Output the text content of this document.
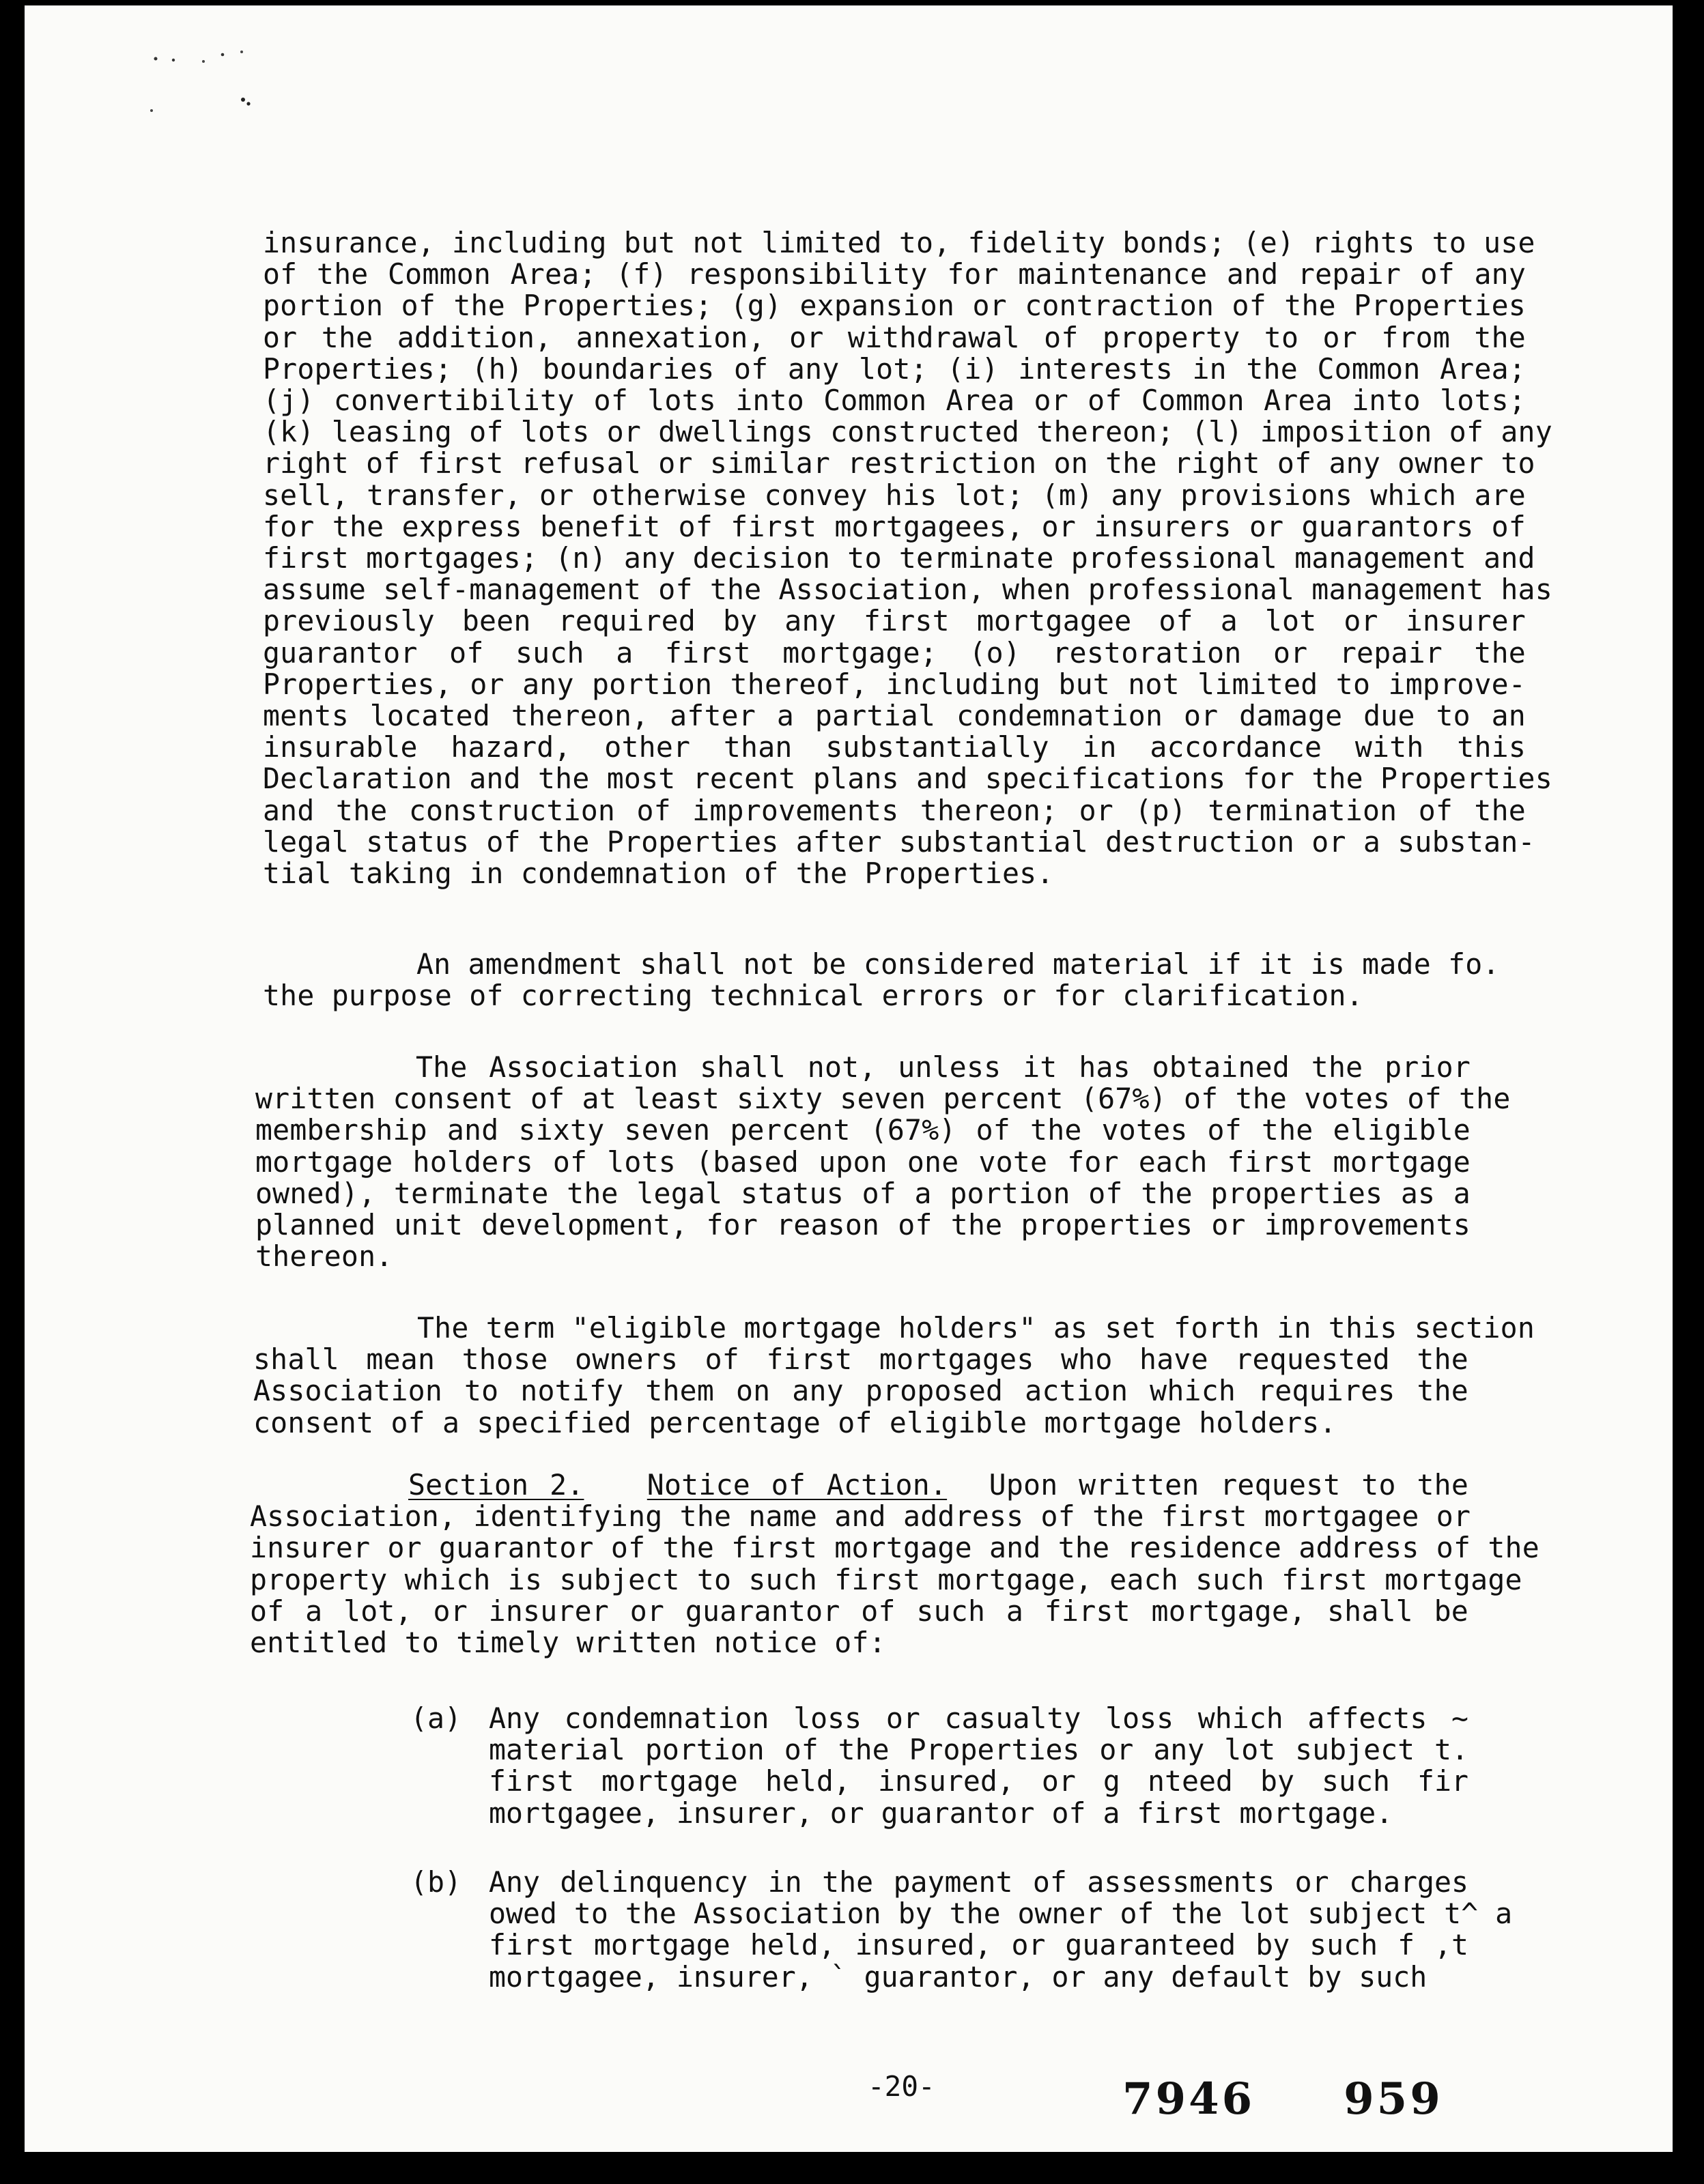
insurance, including but not limited to, fidelity bonds; (e) rights to use
of the Common Area; (f) responsibility for maintenance and repair of any
portion of the Properties; (g) expansion or contraction of the Properties
or the addition, annexation, or withdrawal of property to or from the
Properties; (h) boundaries of any lot; (i) interests in the Common Area;
(j) convertibility of lots into Common Area or of Common Area into lots;
(k) leasing of lots or dwellings constructed thereon; (l) imposition of any
right of first refusal or similar restriction on the right of any owner to
sell, transfer, or otherwise convey his lot; (m) any provisions which are
for the express benefit of first mortgagees, or insurers or guarantors of
first mortgages; (n) any decision to terminate professional management and
assume self-management of the Association, when professional management has
previously been required by any first mortgagee of a lot or insurer
guarantor of such a first mortgage; (o) restoration or repair the
Properties, or any portion thereof, including but not limited to improve-
ments located thereon, after a partial condemnation or damage due to an
insurable hazard, other than substantially in accordance with this
Declaration and the most recent plans and specifications for the Properties
and the construction of improvements thereon; or (p) termination of the
legal status of the Properties after substantial destruction or a substan-
tial taking in condemnation of the Properties.
An amendment shall not be considered material if it is made fo.
the purpose of correcting technical errors or for clarification.
The Association shall not, unless it has obtained the prior
written consent of at least sixty seven percent (67%) of the votes of the
membership and sixty seven percent (67%) of the votes of the eligible
mortgage holders of lots (based upon one vote for each first mortgage
owned), terminate the legal status of a portion of the properties as a
planned unit development, for reason of the properties or improvements
thereon.
The term "eligible mortgage holders" as set forth in this section
shall mean those owners of first mortgages who have requested the
Association to notify them on any proposed action which requires the
consent of a specified percentage of eligible mortgage holders.
Section 2. Notice of Action. Upon written request to the
Association, identifying the name and address of the first mortgagee or
insurer or guarantor of the first mortgage and the residence address of the
property which is subject to such first mortgage, each such first mortgage
of a lot, or insurer or guarantor of such a first mortgage, shall be
entitled to timely written notice of:
(a) Any condemnation loss or casualty loss which affects ~
material portion of the Properties or any lot subject t.
first mortgage held, insured, or g nteed by such fir
mortgagee, insurer, or guarantor of a first mortgage.
(b) Any delinquency in the payment of assessments or charges
owed to the Association by the owner of the lot subject t^ a
first mortgage held, insured, or guaranteed by such f ,t
mortgagee, insurer, ` guarantor, or any default by such
-20-	7946 959
